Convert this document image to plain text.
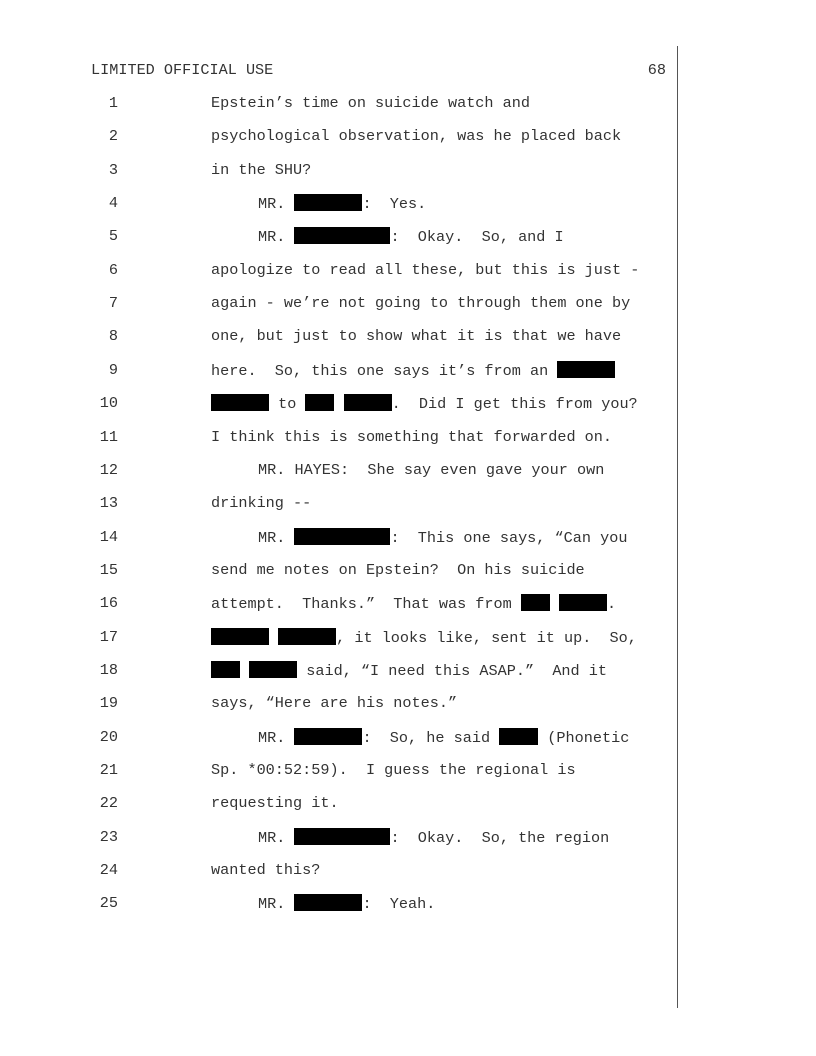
LIMITED OFFICIAL USE	68
1	Epstein’s time on suicide watch and
2	psychological observation, was he placed back
3	in the SHU?
4	MR.	:  Yes.
5	MR.	:  Okay.  So, and I
6	apologize to read all these, but this is just -
7	again - we’re not going to through them one by
8	one, but just to show what it is that we have
9	here.  So, this one says it’s from an
10	to	.  Did I get this from you?
11	I think this is something that forwarded on.
12	MR. HAYES:  She say even gave your own
13	drinking --
14	MR.	:  This one says, “Can you
15	send me notes on Epstein?  On his suicide
16	attempt.  Thanks.”  That was from	.
17	, it looks like, sent it up.  So,
18	said, “I need this ASAP.”  And it
19	says, “Here are his notes.”
20	MR.	:  So, he said	(Phonetic
21	Sp. *00:52:59).  I guess the regional is
22	requesting it.
23	MR.	:  Okay.  So, the region
24	wanted this?
25	MR.	:  Yeah.
